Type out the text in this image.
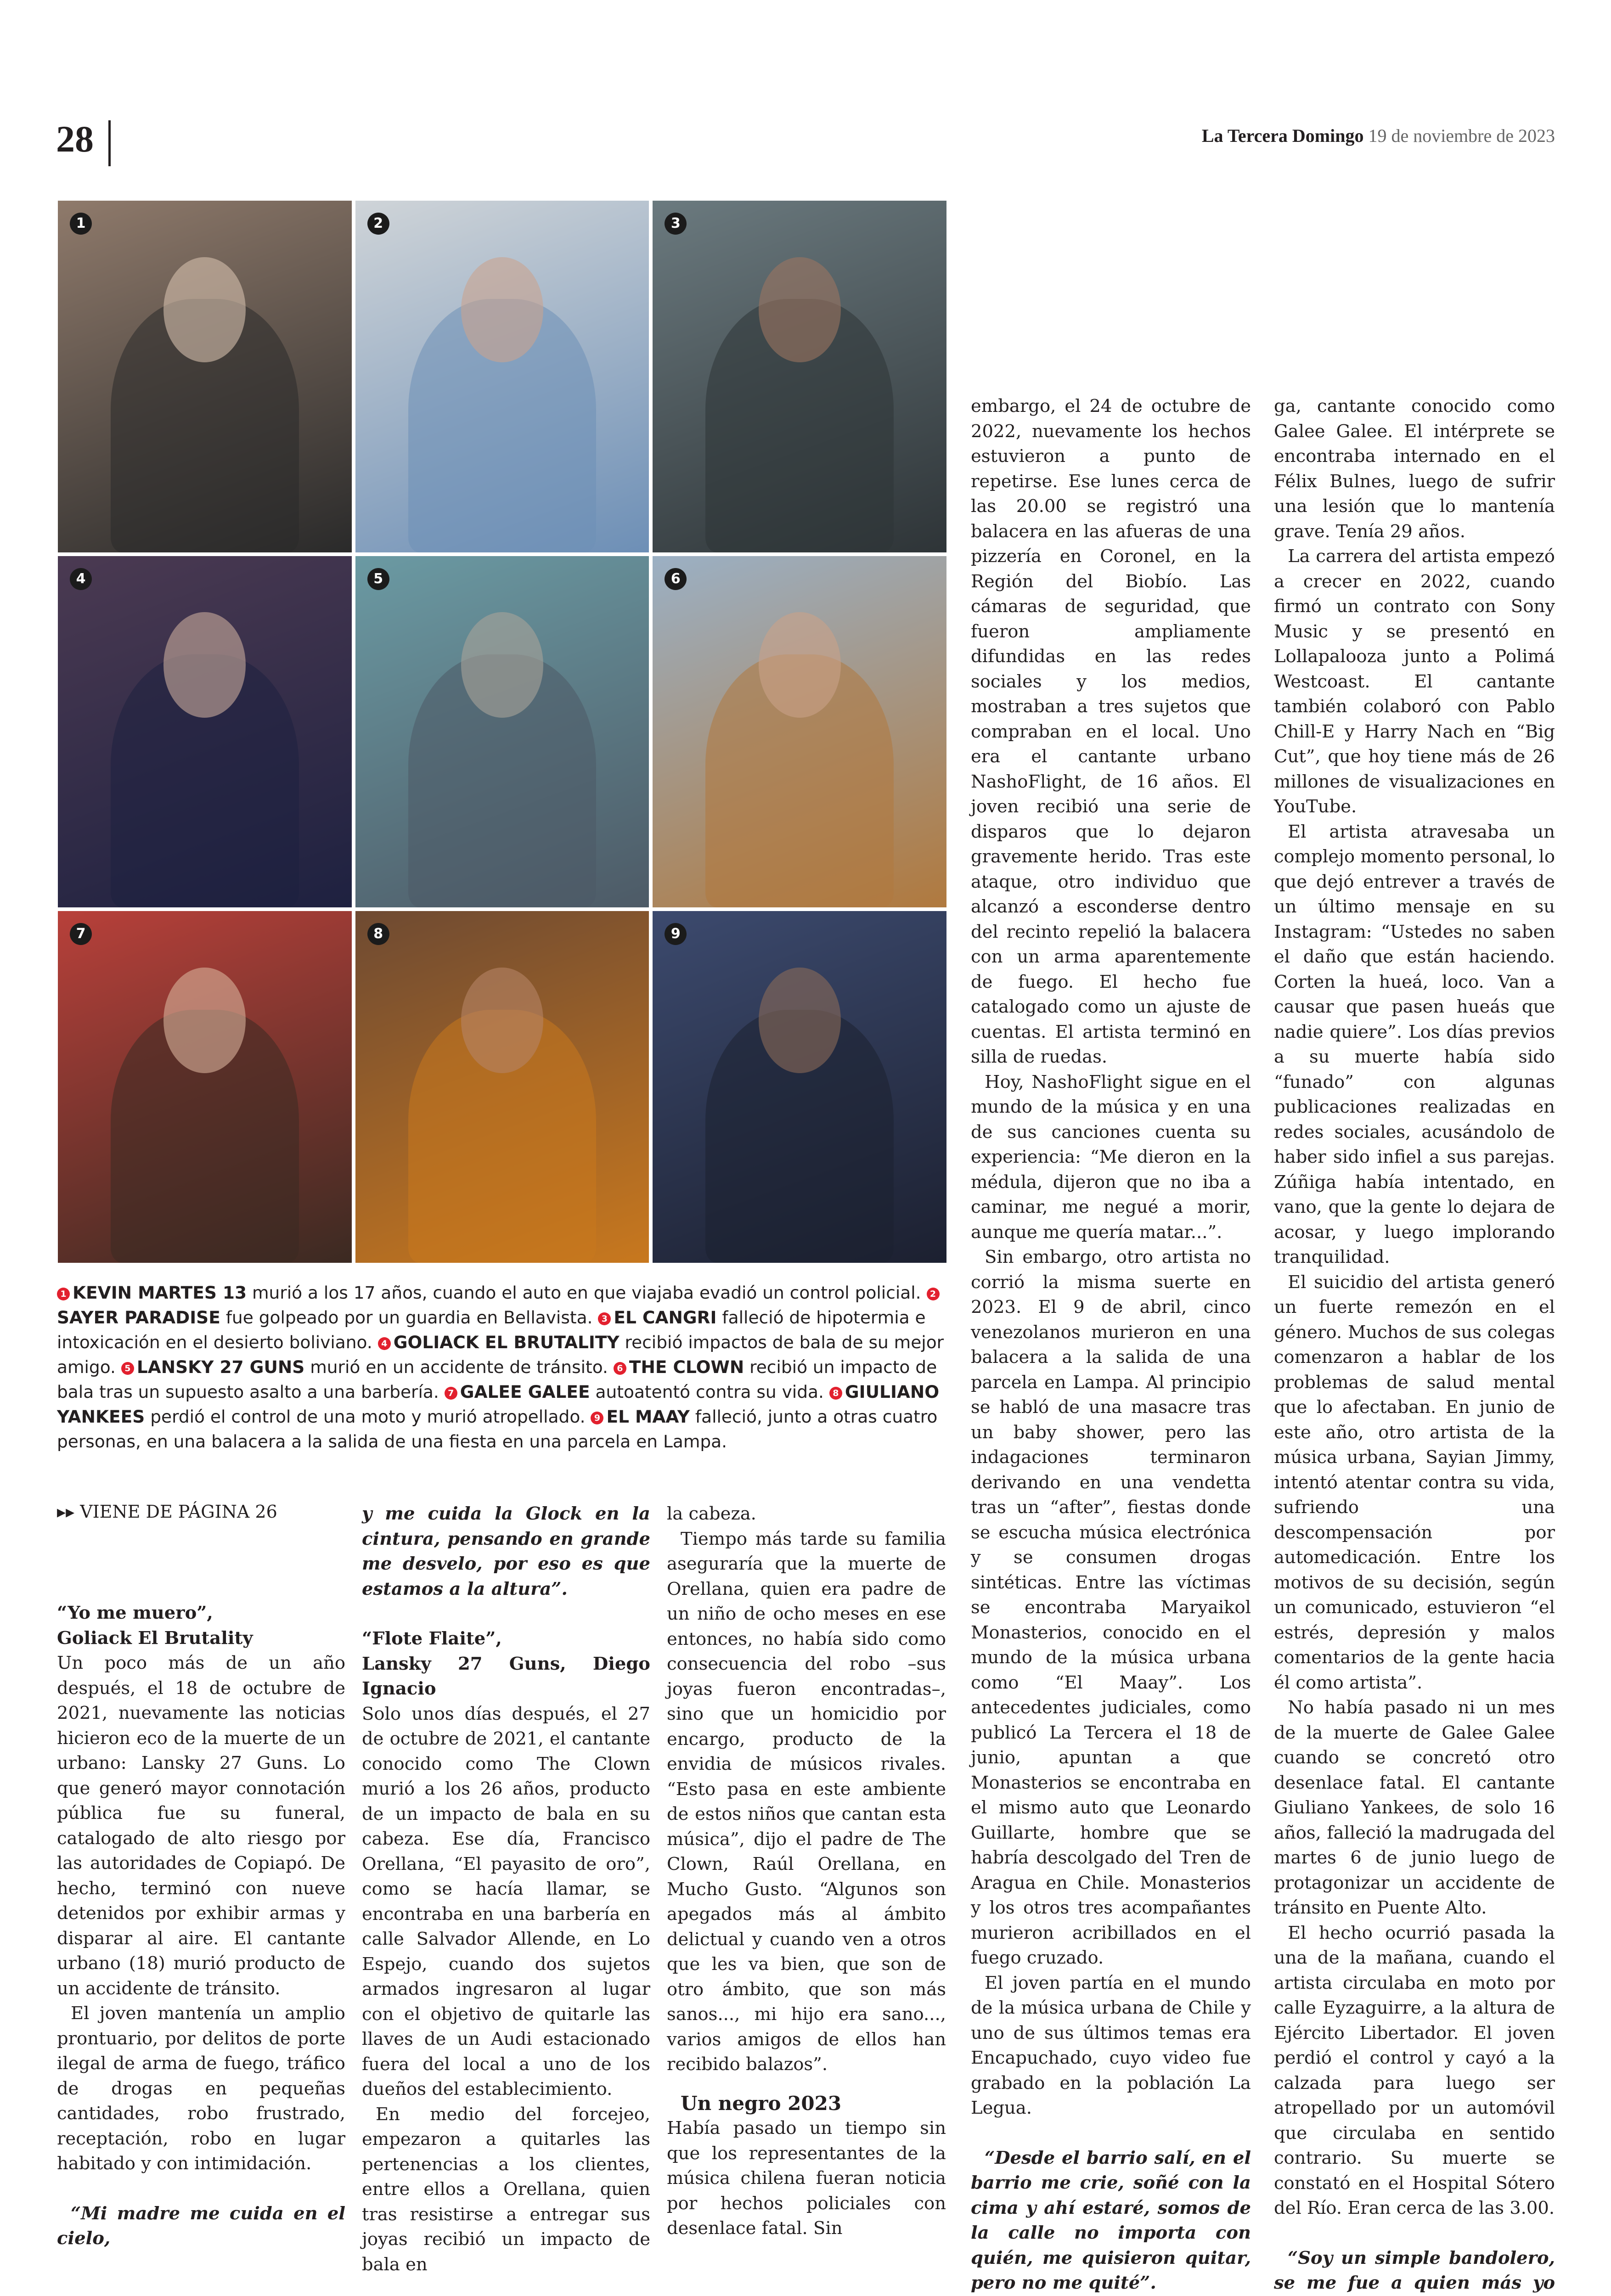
28	La Tercera Domingo 19 de noviembre de 2023
1	2	3
4	5	6
7	8	9
1 KEVIN MARTES 13 murió a los 17 años, cuando el auto en que viajaba evadió un control policial. 2SAYER PARADISE fue golpeado por un guardia en Bellavista. 3 EL CANGRI falleció de hipotermia e intoxicación en el desierto boliviano. 4 GOLIACK EL BRUTALITY recibió impactos de bala de su mejor amigo. 5 LANSKY 27 GUNS murió en un accidente de tránsito. 6 THE CLOWN recibió un impacto de bala tras un supuesto asalto a una barbería. 7 GALEE GALEE autoatentó contra su vida. 8 GIULIANO YANKEES perdió el control de una moto y murió atropellado. 9 EL MAAY falleció, junto a otras cuatro personas, en una balacera a la salida de una fiesta en una parcela en Lampa.
▸▸ VIENE DE PÁGINA 26

“Yo me muero”,

Goliack El Brutality

Un poco más de un año después, el 18 de octubre de 2021, nuevamente las noticias hicieron eco de la muerte de un urbano: Lansky 27 Guns. Lo que generó mayor connotación pública fue su funeral, catalogado de alto riesgo por las autoridades de Copiapó. De hecho, terminó con nueve detenidos por exhibir armas y disparar al aire. El cantante urbano (18) murió producto de un accidente de tránsito.

El joven mantenía un amplio prontuario, por delitos de porte ilegal de arma de fuego, tráfico de drogas en pequeñas cantidades, robo frustrado, receptación, robo en lugar habitado y con intimidación.

“Mi madre me cuida en el cielo,

y me cuida la Glock en la cintura, pensando en grande me desvelo, por eso es que estamos a la altura”.

“Flote Flaite”,

Lansky 27 Guns, Diego Ignacio

Solo unos días después, el 27 de octubre de 2021, el cantante conocido como The Clown murió a los 26 años, producto de un impacto de bala en su cabeza. Ese día, Francisco Orellana, “El payasito de oro”, como se hacía llamar, se encontraba en una barbería en calle Salvador Allende, en Lo Espejo, cuando dos sujetos armados ingresaron al lugar con el objetivo de quitarle las llaves de un Audi estacionado fuera del local a uno de los dueños del establecimiento.

En medio del forcejeo, empezaron a quitarles las pertenencias a los clientes, entre ellos a Orellana, quien tras resistirse a entregar sus joyas recibió un impacto de bala en

la cabeza.

Tiempo más tarde su familia aseguraría que la muerte de Orellana, quien era padre de un niño de ocho meses en ese entonces, no había sido como consecuencia del robo –sus joyas fueron encontradas–, sino que un homicidio por encargo, producto de la envidia de músicos rivales. “Esto pasa en este ambiente de estos niños que cantan esta música”, dijo el padre de The Clown, Raúl Orellana, en Mucho Gusto. “Algunos son apegados más al ámbito delictual y cuando ven a otros que les va bien, que son de otro ámbito, que son más sanos..., mi hijo era sano..., varios amigos de ellos han recibido balazos”.

Un negro 2023

Había pasado un tiempo sin que los representantes de la música chilena fueran noticia por hechos policiales con desenlace fatal. Sin

embargo, el 24 de octubre de 2022, nuevamente los hechos estuvieron a punto de repetirse. Ese lunes cerca de las 20.00 se registró una balacera en las afueras de una pizzería en Coronel, en la Región del Biobío. Las cámaras de seguridad, que fueron ampliamente difundidas en las redes sociales y los medios, mostraban a tres sujetos que compraban en el local. Uno era el cantante urbano NashoFlight, de 16 años. El joven recibió una serie de disparos que lo dejaron gravemente herido. Tras este ataque, otro individuo que alcanzó a esconderse dentro del recinto repelió la balacera con un arma aparentemente de fuego. El hecho fue catalogado como un ajuste de cuentas. El artista terminó en silla de ruedas.

Hoy, NashoFlight sigue en el mundo de la música y en una de sus canciones cuenta su experiencia: “Me dieron en la médula, dijeron que no iba a caminar, me negué a morir, aunque me quería matar...”.

Sin embargo, otro artista no corrió la misma suerte en 2023. El 9 de abril, cinco venezolanos murieron en una balacera a la salida de una parcela en Lampa. Al principio se habló de una masacre tras un baby shower, pero las indagaciones terminaron derivando en una vendetta tras un “after”, fiestas donde se escucha música electrónica y se consumen drogas sintéticas. Entre las víctimas se encontraba Maryaikol Monasterios, conocido en el mundo de la música urbana como “El Maay”. Los antecedentes judiciales, como publicó La Tercera el 18 de junio, apuntan a que Monasterios se encontraba en el mismo auto que Leonardo Guillarte, hombre que se habría descolgado del Tren de Aragua en Chile. Monasterios y los otros tres acompañantes murieron acribillados en el fuego cruzado.

El joven partía en el mundo de la música urbana de Chile y uno de sus últimos temas era Encapuchado, cuyo video fue grabado en la población La Legua.

“Desde el barrio salí, en el barrio me crie, soñé con la cima y ahí estaré, somos de la calle no importa con quién, me quisieron quitar, pero no me quité”.

ga, cantante conocido como Galee Galee. El intérprete se encontraba internado en el Félix Bulnes, luego de sufrir una lesión que lo mantenía grave. Tenía 29 años.

La carrera del artista empezó a crecer en 2022, cuando firmó un contrato con Sony Music y se presentó en Lollapalooza junto a Polimá Westcoast. El cantante también colaboró con Pablo Chill-E y Harry Nach en “Big Cut”, que hoy tiene más de 26 millones de visualizaciones en YouTube.

El artista atravesaba un complejo momento personal, lo que dejó entrever a través de un último mensaje en su Instagram: “Ustedes no saben el daño que están haciendo. Corten la hueá, loco. Van a causar que pasen hueás que nadie quiere”. Los días previos a su muerte había sido “funado” con algunas publicaciones realizadas en redes sociales, acusándolo de haber sido infiel a sus parejas. Zúñiga había intentado, en vano, que la gente lo dejara de acosar, y luego implorando tranquilidad.

El suicidio del artista generó un fuerte remezón en el género. Muchos de sus colegas comenzaron a hablar de los problemas de salud mental que lo afectaban. En junio de este año, otro artista de la música urbana, Sayian Jimmy, intentó atentar contra su vida, sufriendo una descompensación por automedicación. Entre los motivos de su decisión, según un comunicado, estuvieron “el estrés, depresión y malos comentarios de la gente hacia él como artista”.

No había pasado ni un mes de la muerte de Galee Galee cuando se concretó otro desenlace fatal. El cantante Giuliano Yankees, de solo 16 años, falleció la madrugada del martes 6 de junio luego de protagonizar un accidente de tránsito en Puente Alto.

El hecho ocurrió pasada la una de la mañana, cuando el artista circulaba en moto por calle Eyzaguirre, a la altura de Ejército Libertador. El joven perdió el control y cayó a la calzada para luego ser atropellado por un automóvil que circulaba en sentido contrario. Su muerte se constató en el Hospital Sótero del Río. Eran cerca de las 3.00.

“Soy un simple bandolero, se me fue a quien más yo
